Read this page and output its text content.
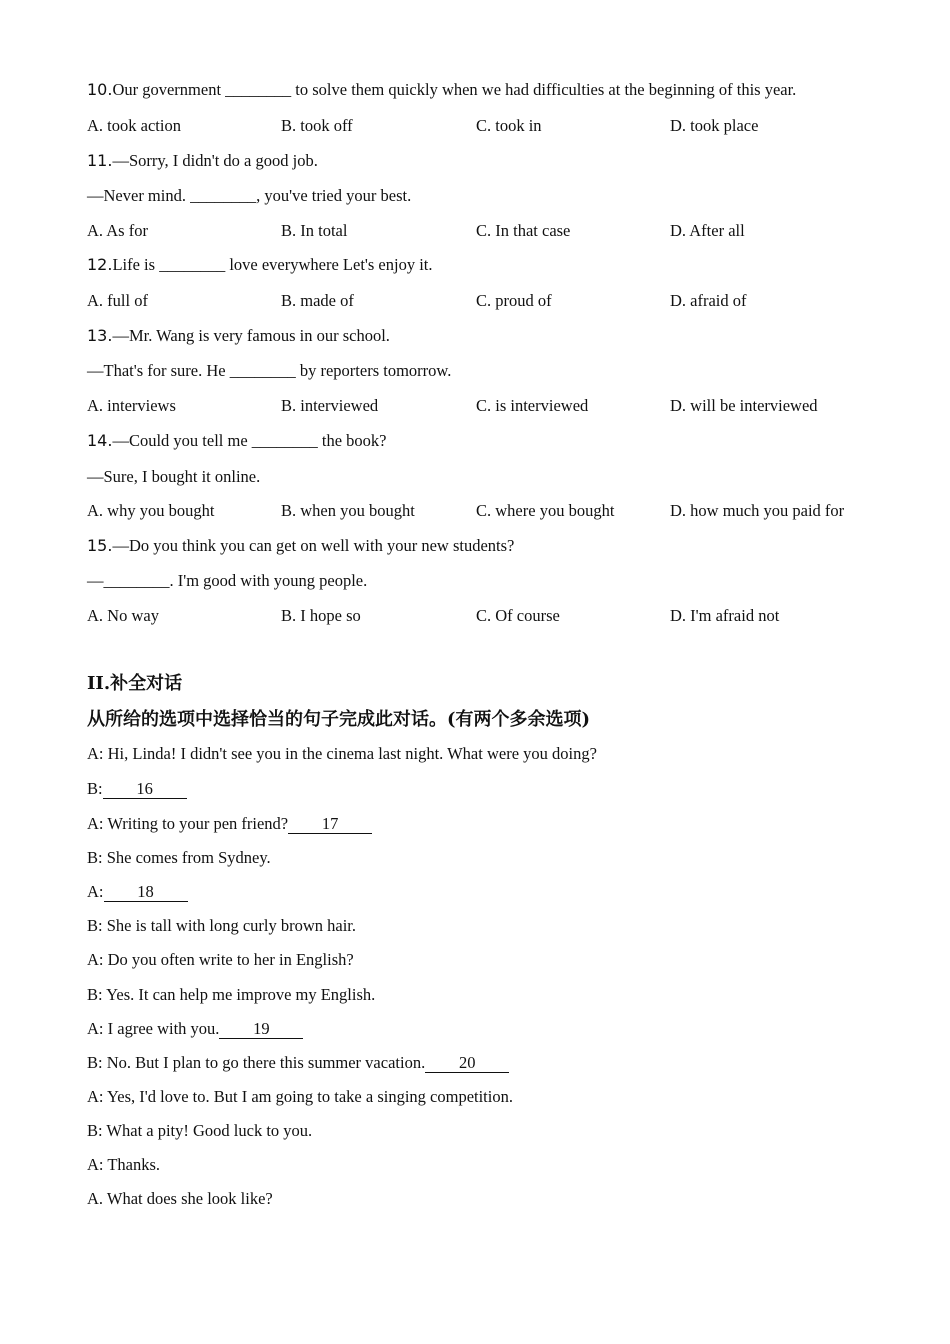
10.Our government ________ to solve them quickly when we had difficulties at the beginning of this year.
A. took action	B. took off	C. took in	D. took place
11.—Sorry, I didn't do a good job.
—Never mind. ________, you've tried your best.
A. As for	B. In total	C. In that case	D. After all
12.Life is ________ love everywhere Let's enjoy it.
A. full of	B. made of	C. proud of	D. afraid of
13.—Mr. Wang is very famous in our school.
—That's for sure. He ________ by reporters tomorrow.
A. interviews	B. interviewed	C. is interviewed	D. will be interviewed
14.—Could you tell me ________ the book?
—Sure, I bought it online.
A. why you bought	B. when you bought	C. where you bought	D. how much you paid for
15.—Do you think you can get on well with your new students?
—________. I'm good with young people.
A. No way	B. I hope so	C. Of course	D. I'm afraid not
II.补全对话
从所给的选项中选择恰当的句子完成此对话。(有两个多余选项)
A: Hi, Linda! I didn't see you in the cinema last night. What were you doing?
B: 16
A: Writing to your pen friend? 17
B: She comes from Sydney.
A: 18
B: She is tall with long curly brown hair.
A: Do you often write to her in English?
B: Yes. It can help me improve my English.
A: I agree with you. 19
B: No. But I plan to go there this summer vacation. 20
A: Yes, I'd love to. But I am going to take a singing competition.
B: What a pity! Good luck to you.
A: Thanks.
A. What does she look like?
